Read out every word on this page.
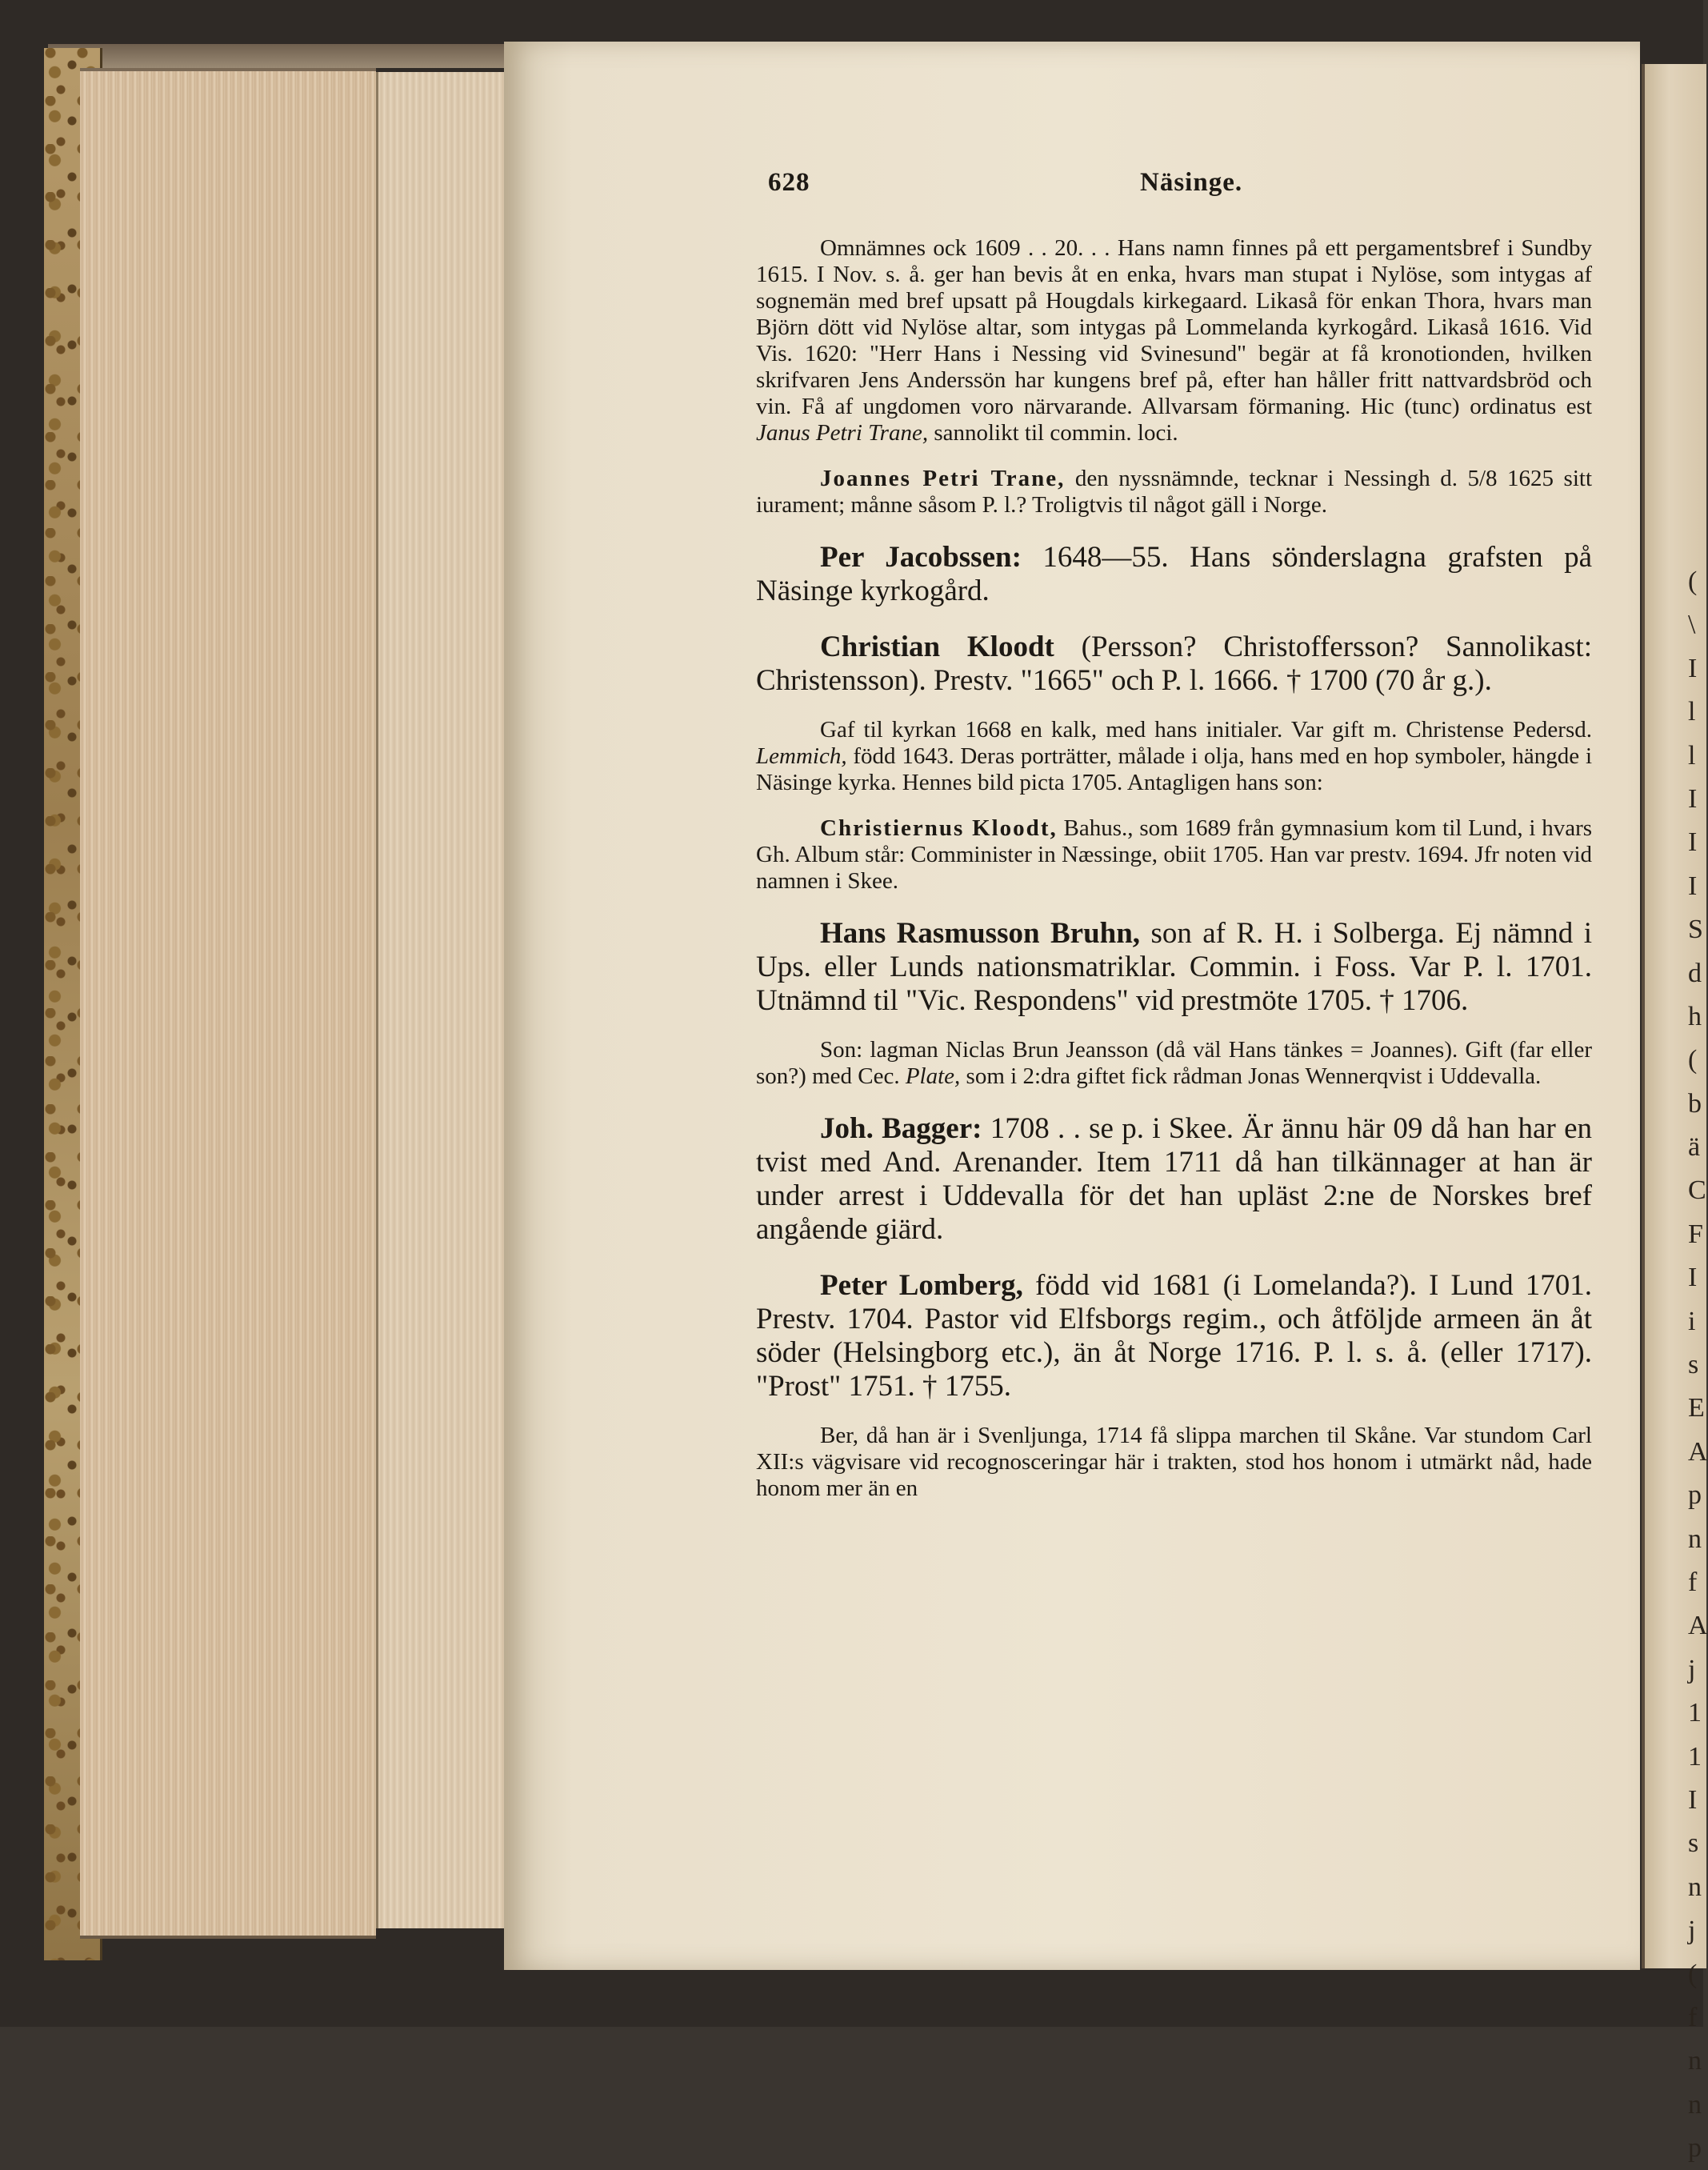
628	Näsinge.

Omnämnes ock 1609 . . 20. . . Hans namn finnes på ett pergamentsbref i Sundby 1615. I Nov. s. å. ger han bevis åt en enka, hvars man stupat i Nylöse, som intygas af sognemän med bref upsatt på Hougdals kirkegaard. Likaså för enkan Thora, hvars man Björn dött vid Nylöse altar, som intygas på Lommelanda kyrkogård. Likaså 1616. Vid Vis. 1620: "Herr Hans i Nessing vid Svinesund" begär at få kronotionden, hvilken skrifvaren Jens Anderssön har kungens bref på, efter han håller fritt nattvardsbröd och vin. Få af ungdomen voro närvarande. Allvarsam förmaning. Hic (tunc) ordinatus est Janus Petri Trane, sannolikt til commin. loci.

Joannes Petri Trane, den nyssnämnde, tecknar i Nessingh d. 5/8 1625 sitt iurament; månne såsom P. l.? Troligtvis til något gäll i Norge.

Per Jacobssen: 1648—55. Hans sönderslagna grafsten på Näsinge kyrkogård.

Christian Kloodt (Persson? Christoffersson? Sannolikast: Christensson). Prestv. "1665" och P. l. 1666. † 1700 (70 år g.).

Gaf til kyrkan 1668 en kalk, med hans initialer. Var gift m. Christense Pedersd. Lemmich, född 1643. Deras porträtter, målade i olja, hans med en hop symboler, hängde i Näsinge kyrka. Hennes bild picta 1705. Antagligen hans son:

Christiernus Kloodt, Bahus., som 1689 från gymnasium kom til Lund, i hvars Gh. Album står: Comminister in Næssinge, obiit 1705. Han var prestv. 1694. Jfr noten vid namnen i Skee.

Hans Rasmusson Bruhn, son af R. H. i Solberga. Ej nämnd i Ups. eller Lunds nationsmatriklar. Commin. i Foss. Var P. l. 1701. Utnämnd til "Vic. Respondens" vid prestmöte 1705. † 1706.

Son: lagman Niclas Brun Jeansson (då väl Hans tänkes = Joannes). Gift (far eller son?) med Cec. Plate, som i 2:dra giftet fick rådman Jonas Wennerqvist i Uddevalla.

Joh. Bagger: 1708 . . se p. i Skee. Är ännu här 09 då han har en tvist med And. Arenander. Item 1711 då han tilkännager at han är under arrest i Uddevalla för det han upläst 2:ne de Norskes bref angående giärd.

Peter Lomberg, född vid 1681 (i Lomelanda?). I Lund 1701. Prestv. 1704. Pastor vid Elfsborgs regim., och åtföljde armeen än åt söder (Helsingborg etc.), än åt Norge 1716. P. l. s. å. (eller 1717). "Prost" 1751. † 1755.

Ber, då han är i Svenljunga, 1714 få slippa marchen til Skåne. Var stundom Carl XII:s vägvisare vid recognosceringar här i trakten, stod hos honom i utmärkt nåd, hade honom mer än en

(
\
I
l
l
I
I
I
S
d
h
(
b
ä
C
F
I
i
s
E
A
p
n
f
A
j
1
1
I
s
n
j
(
f
n
n
p
